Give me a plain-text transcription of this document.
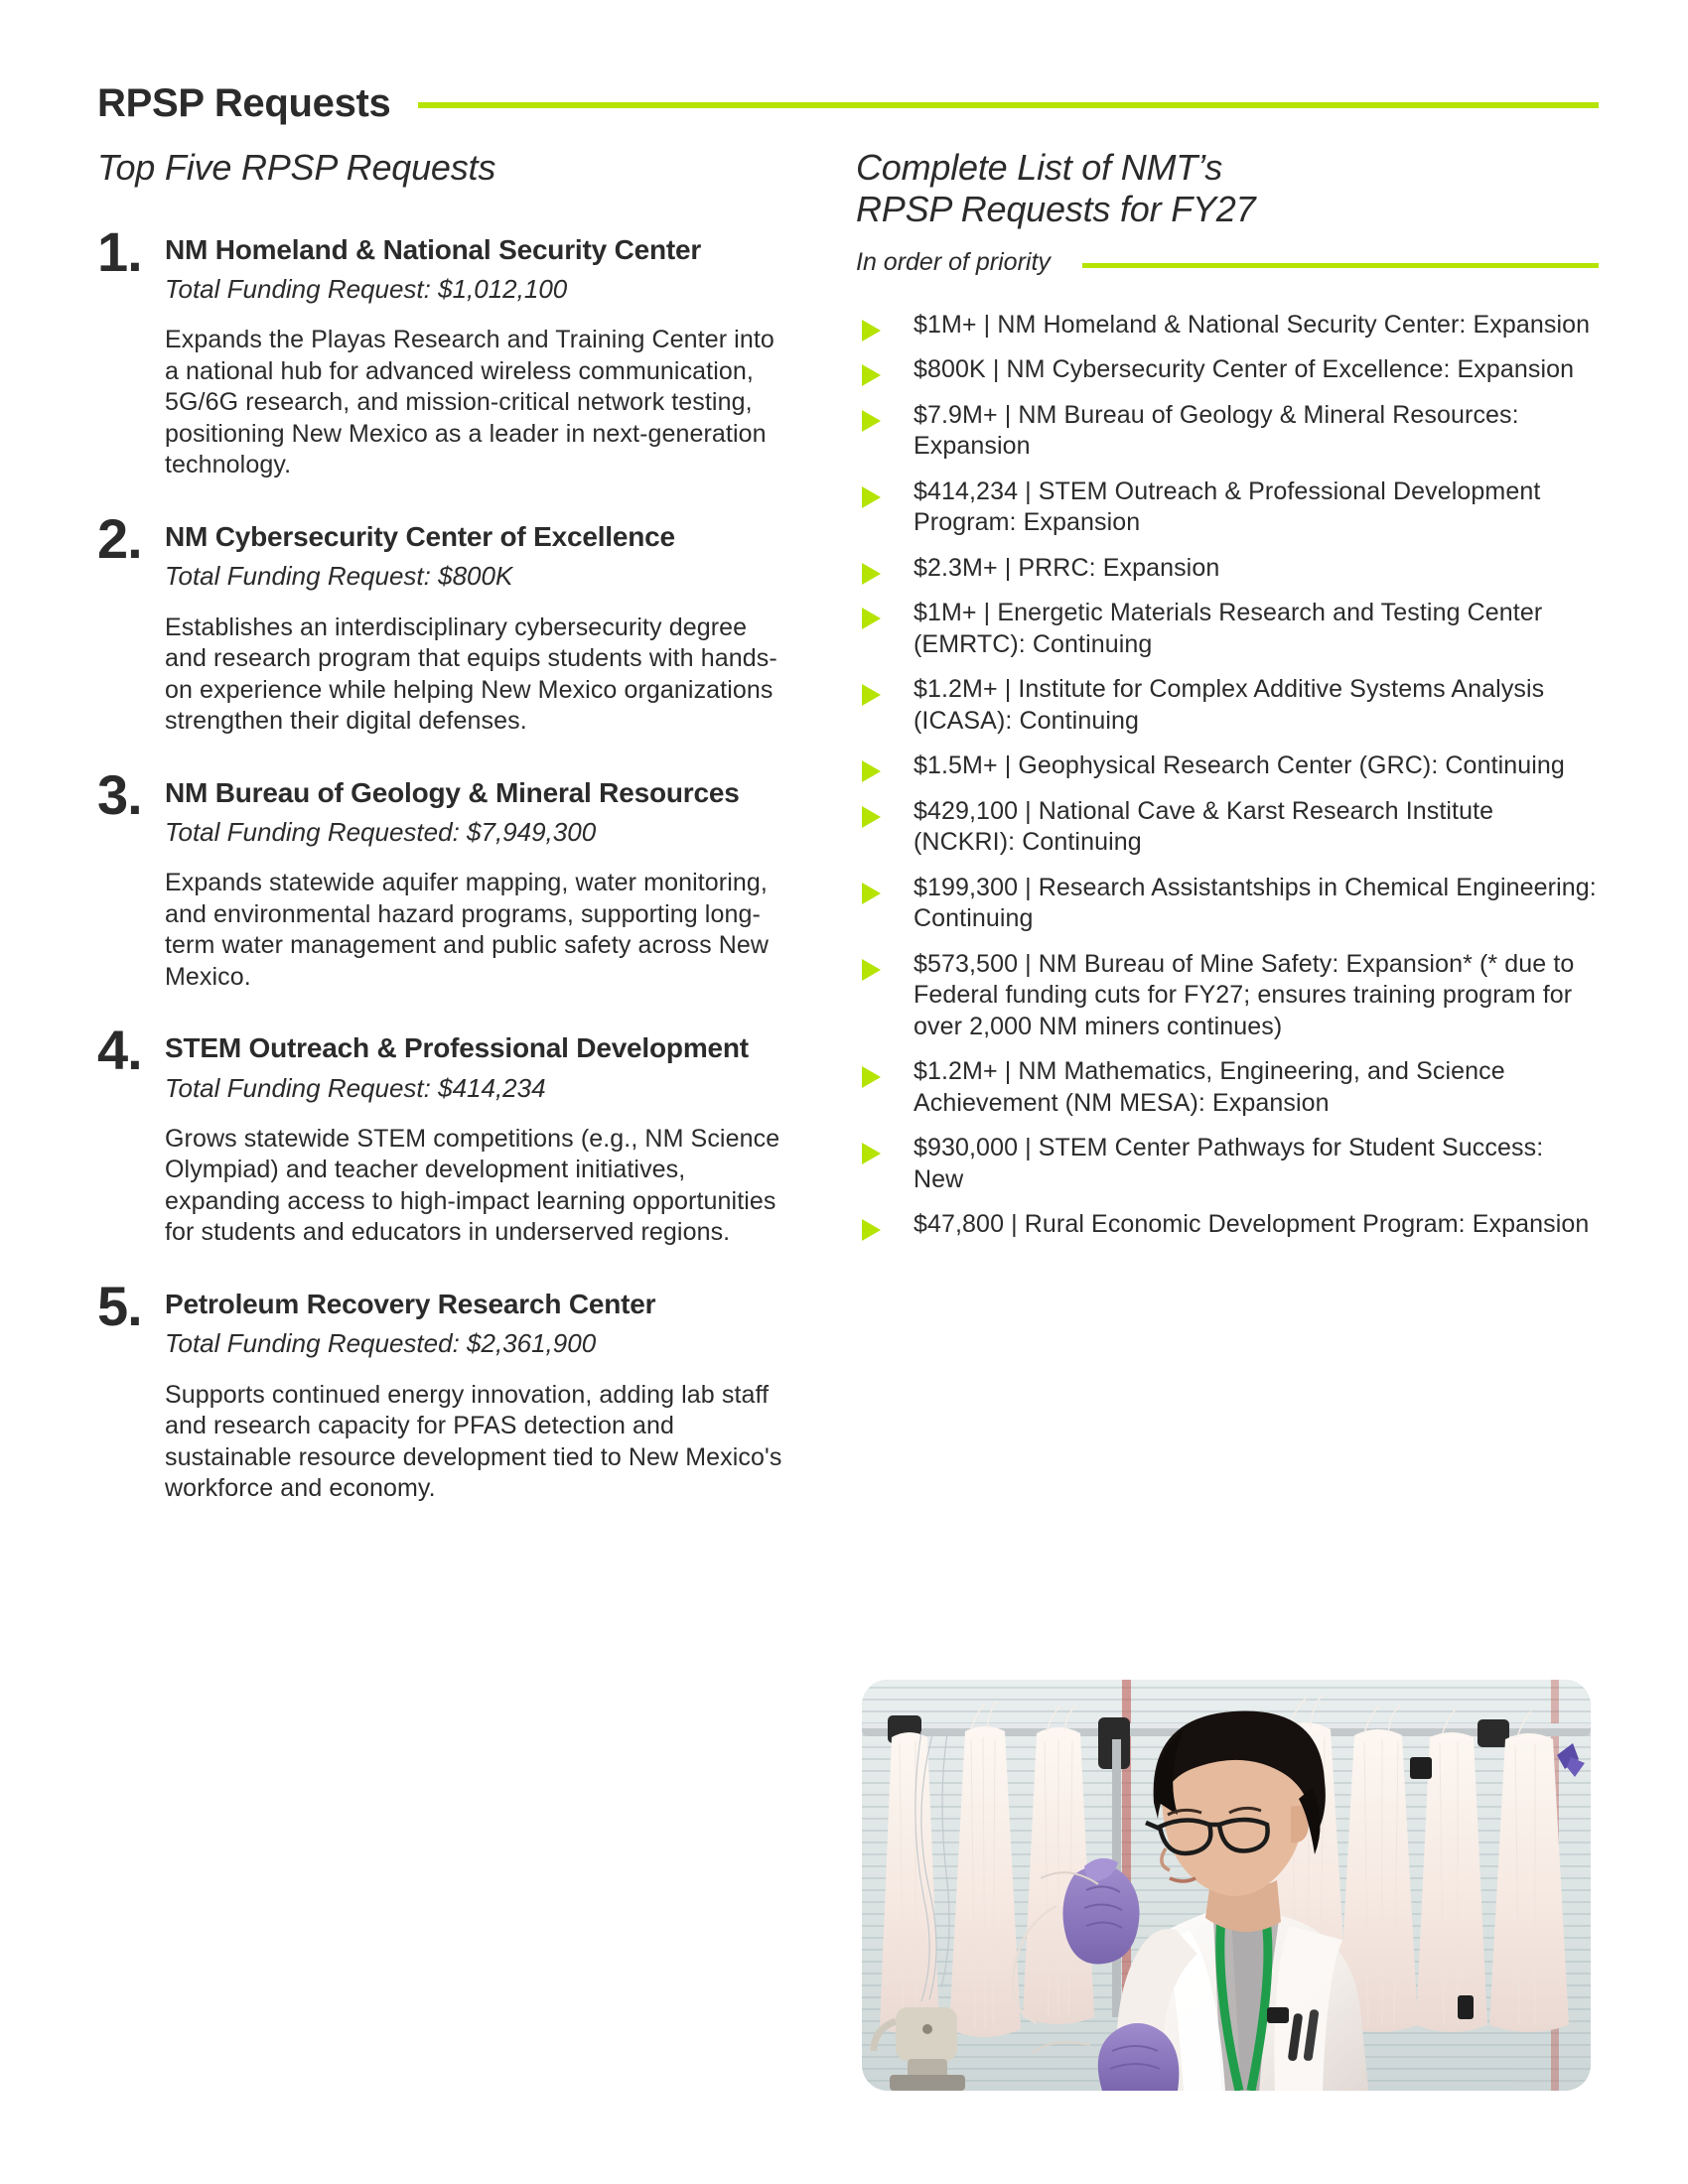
RPSP Requests
Top Five RPSP Requests
1. NM Homeland & National Security Center
Total Funding Request: $1,012,100
Expands the Playas Research and Training Center into a national hub for advanced wireless communication, 5G/6G research, and mission-critical network testing, positioning New Mexico as a leader in next-generation technology.
2. NM Cybersecurity Center of Excellence
Total Funding Request: $800K
Establishes an interdisciplinary cybersecurity degree and research program that equips students with hands-on experience while helping New Mexico organizations strengthen their digital defenses.
3. NM Bureau of Geology & Mineral Resources
Total Funding Requested: $7,949,300
Expands statewide aquifer mapping, water monitoring, and environmental hazard programs, supporting long-term water management and public safety across New Mexico.
4. STEM Outreach & Professional Development
Total Funding Request: $414,234
Grows statewide STEM competitions (e.g., NM Science Olympiad) and teacher development initiatives, expanding access to high-impact learning opportunities for students and educators in underserved regions.
5. Petroleum Recovery Research Center
Total Funding Requested: $2,361,900
Supports continued energy innovation, adding lab staff and research capacity for PFAS detection and sustainable resource development tied to New Mexico's workforce and economy.
Complete List of NMT’s
RPSP Requests for FY27
In order of priority
$1M+ | NM Homeland & National Security Center: Expansion
$800K | NM Cybersecurity Center of Excellence: Expansion
$7.9M+ | NM Bureau of Geology & Mineral Resources: Expansion
$414,234 | STEM Outreach & Professional Development Program: Expansion
$2.3M+ | PRRC: Expansion
$1M+ | Energetic Materials Research and Testing Center (EMRTC): Continuing
$1.2M+ | Institute for Complex Additive Systems Analysis (ICASA): Continuing
$1.5M+ | Geophysical Research Center (GRC): Continuing
$429,100 | National Cave & Karst Research Institute (NCKRI): Continuing
$199,300 | Research Assistantships in Chemical Engineering: Continuing
$573,500 | NM Bureau of Mine Safety: Expansion* (* due to Federal funding cuts for FY27; ensures training program for over 2,000 NM miners continues)
$1.2M+ | NM Mathematics, Engineering, and Science Achievement (NM MESA): Expansion
$930,000 | STEM Center Pathways for Student Success: New
$47,800 | Rural Economic Development Program: Expansion
